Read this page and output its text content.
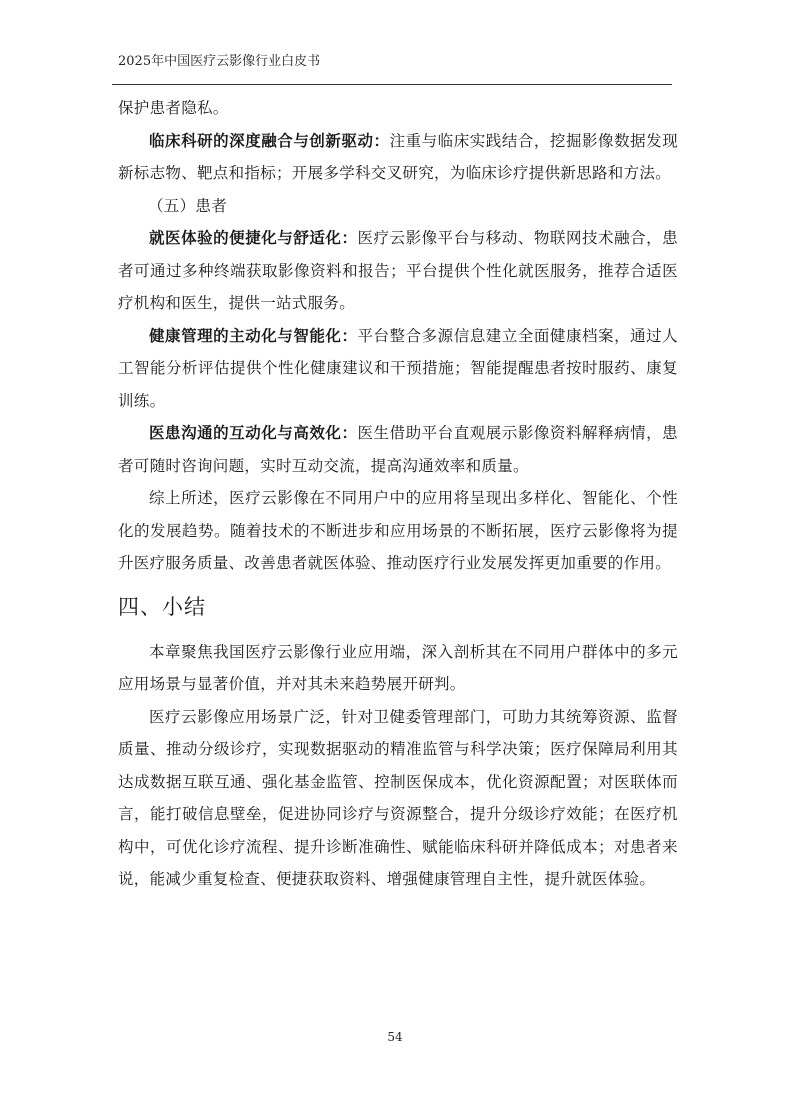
2025年中国医疗云影像行业白皮书

保护患者隐私。

临床科研的深度融合与创新驱动：注重与临床实践结合，挖掘影像数据发现新标志物、靶点和指标；开展多学科交叉研究，为临床诊疗提供新思路和方法。

（五）患者

就医体验的便捷化与舒适化：医疗云影像平台与移动、物联网技术融合，患者可通过多种终端获取影像资料和报告；平台提供个性化就医服务，推荐合适医疗机构和医生，提供一站式服务。

健康管理的主动化与智能化：平台整合多源信息建立全面健康档案，通过人工智能分析评估提供个性化健康建议和干预措施；智能提醒患者按时服药、康复训练。

医患沟通的互动化与高效化：医生借助平台直观展示影像资料解释病情，患者可随时咨询问题，实时互动交流，提高沟通效率和质量。

综上所述，医疗云影像在不同用户中的应用将呈现出多样化、智能化、个性化的发展趋势。随着技术的不断进步和应用场景的不断拓展，医疗云影像将为提升医疗服务质量、改善患者就医体验、推动医疗行业发展发挥更加重要的作用。

四、小结

本章聚焦我国医疗云影像行业应用端，深入剖析其在不同用户群体中的多元应用场景与显著价值，并对其未来趋势展开研判。

医疗云影像应用场景广泛，针对卫健委管理部门，可助力其统筹资源、监督质量、推动分级诊疗，实现数据驱动的精准监管与科学决策；医疗保障局利用其达成数据互联互通、强化基金监管、控制医保成本，优化资源配置；对医联体而言，能打破信息壁垒，促进协同诊疗与资源整合，提升分级诊疗效能；在医疗机构中，可优化诊疗流程、提升诊断准确性、赋能临床科研并降低成本；对患者来说，能减少重复检查、便捷获取资料、增强健康管理自主性，提升就医体验。

54
